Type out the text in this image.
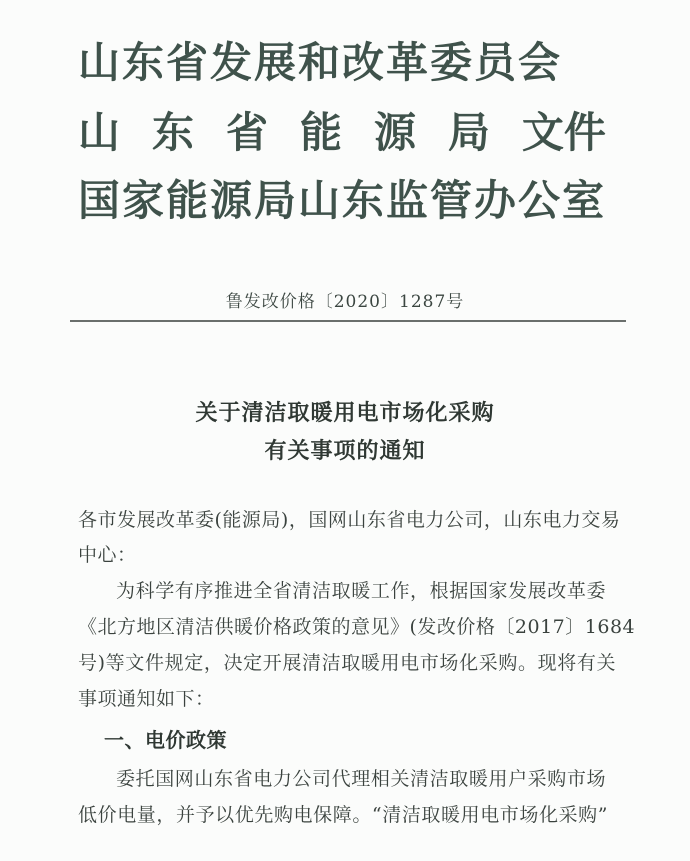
山东省发展和改革委员会
山 东 省 能 源 局 文件
国家能源局山东监管办公室
鲁发改价格〔2020〕1287号
关于清洁取暖用电市场化采购
有关事项的通知
各市发展改革委(能源局)，国网山东省电力公司，山东电力交易
中心：
为科学有序推进全省清洁取暖工作，根据国家发展改革委
《北方地区清洁供暖价格政策的意见》(发改价格〔2017〕1684
号)等文件规定，决定开展清洁取暖用电市场化采购。现将有关
事项通知如下：
一、电价政策
委托国网山东省电力公司代理相关清洁取暖用户采购市场
低价电量，并予以优先购电保障。“清洁取暖用电市场化采购”
